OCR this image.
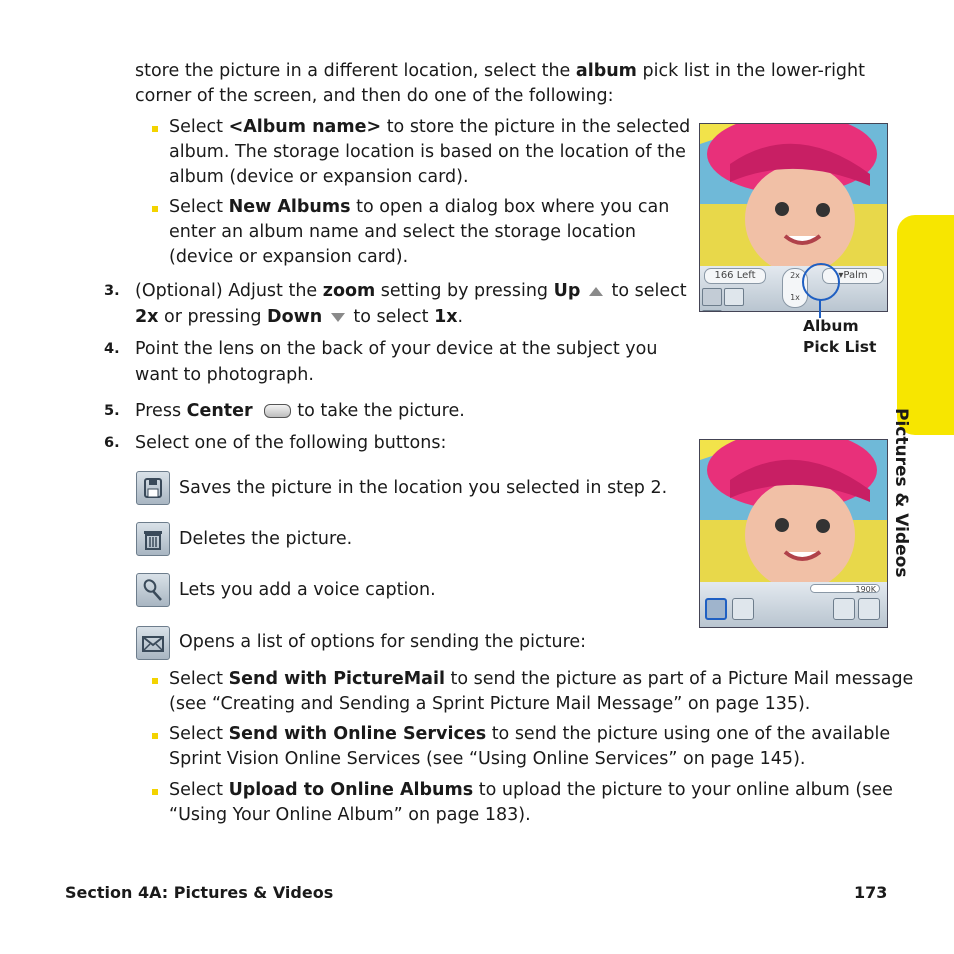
store the picture in a different location, select the album pick list in the lower-right
corner of the screen, and then do one of the following:
Select <Album name> to store the picture in the selected
album. The storage location is based on the location of the
album (device or expansion card).
Select New Albums to open a dialog box where you can
enter an album name and select the storage location
(device or expansion card).
3. (Optional) Adjust the zoom setting by pressing Up  to select
2x or pressing Down  to select 1x.
4. Point the lens on the back of your device at the subject you
want to photograph.
5. Press Center	to take the picture.
6. Select one of the following buttons:
Saves the picture in the location you selected in step 2.
Deletes the picture.
Lets you add a voice caption.
Opens a list of options for sending the picture:
Select Send with PictureMail to send the picture as part of a Picture Mail message
(see “Creating and Sending a Sprint Picture Mail Message” on page 135).
Select Send with Online Services to send the picture using one of the available
Sprint Vision Online Services (see “Using Online Services” on page 145).
Select Upload to Online Albums to upload the picture to your online album (see
“Using Your Online Album” on page 183).
166 Left	2x
1x
▾Palm
Album
Pick List
190K
Pictures & Videos
Section 4A: Pictures & Videos	173
